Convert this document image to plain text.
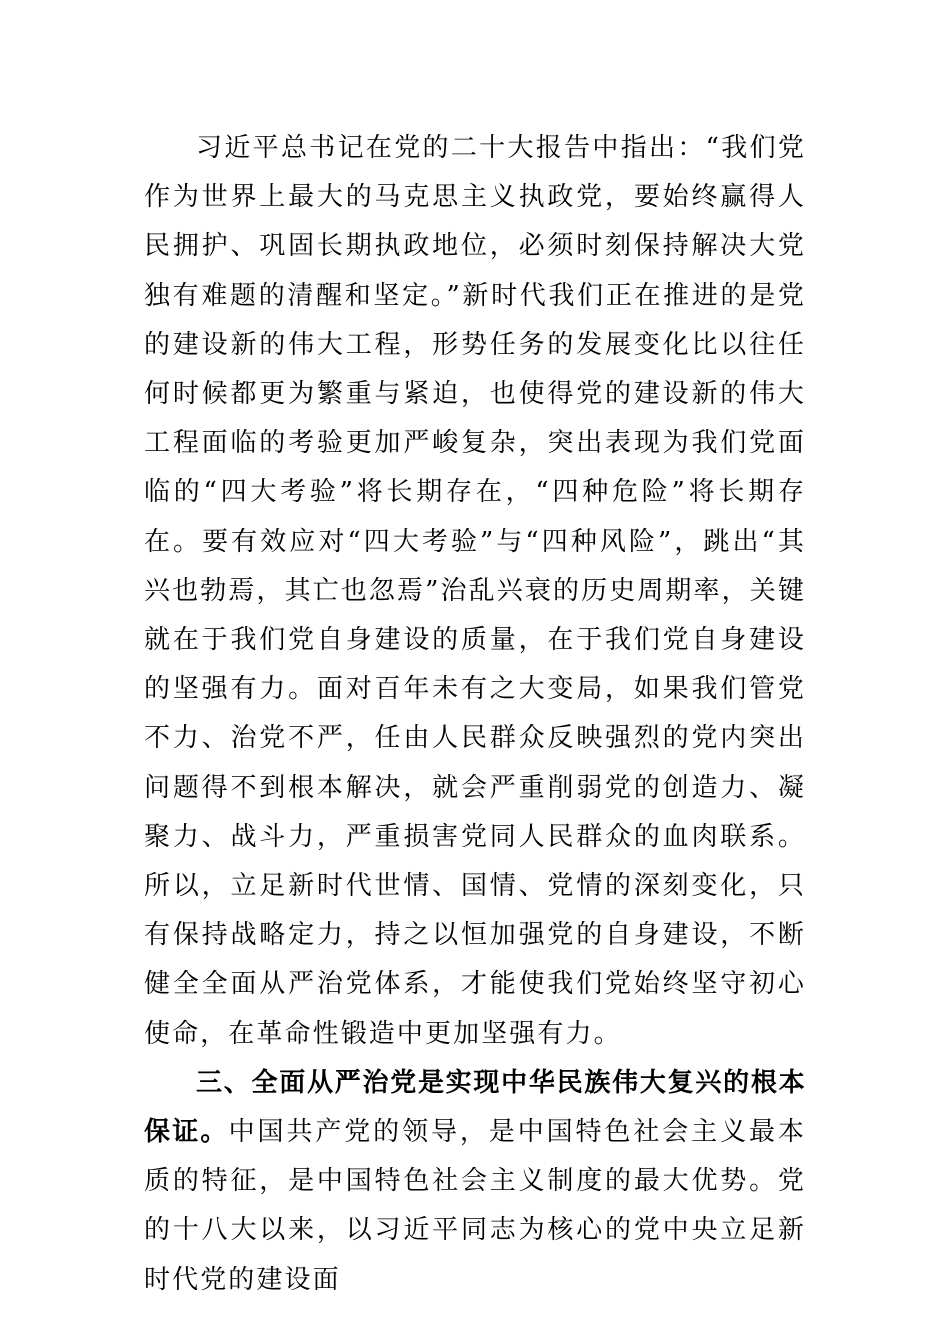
习近平总书记在党的二十大报告中指出：“我们党作为世界上最大的马克思主义执政党，要始终赢得人民拥护、巩固长期执政地位，必须时刻保持解决大党独有难题的清醒和坚定。”新时代我们正在推进的是党的建设新的伟大工程，形势任务的发展变化比以往任何时候都更为繁重与紧迫，也使得党的建设新的伟大工程面临的考验更加严峻复杂，突出表现为我们党面临的“四大考验”将长期存在，“四种危险”将长期存在。要有效应对“四大考验”与“四种风险”，跳出“其兴也勃焉，其亡也忽焉”治乱兴衰的历史周期率，关键就在于我们党自身建设的质量，在于我们党自身建设的坚强有力。面对百年未有之大变局，如果我们管党不力、治党不严，任由人民群众反映强烈的党内突出问题得不到根本解决，就会严重削弱党的创造力、凝聚力、战斗力，严重损害党同人民群众的血肉联系。所以，立足新时代世情、国情、党情的深刻变化，只有保持战略定力，持之以恒加强党的自身建设，不断健全全面从严治党体系，才能使我们党始终坚守初心使命，在革命性锻造中更加坚强有力。

三、全面从严治党是实现中华民族伟大复兴的根本保证。中国共产党的领导，是中国特色社会主义最本质的特征，是中国特色社会主义制度的最大优势。党的十八大以来，以习近平同志为核心的党中央立足新时代党的建设面
